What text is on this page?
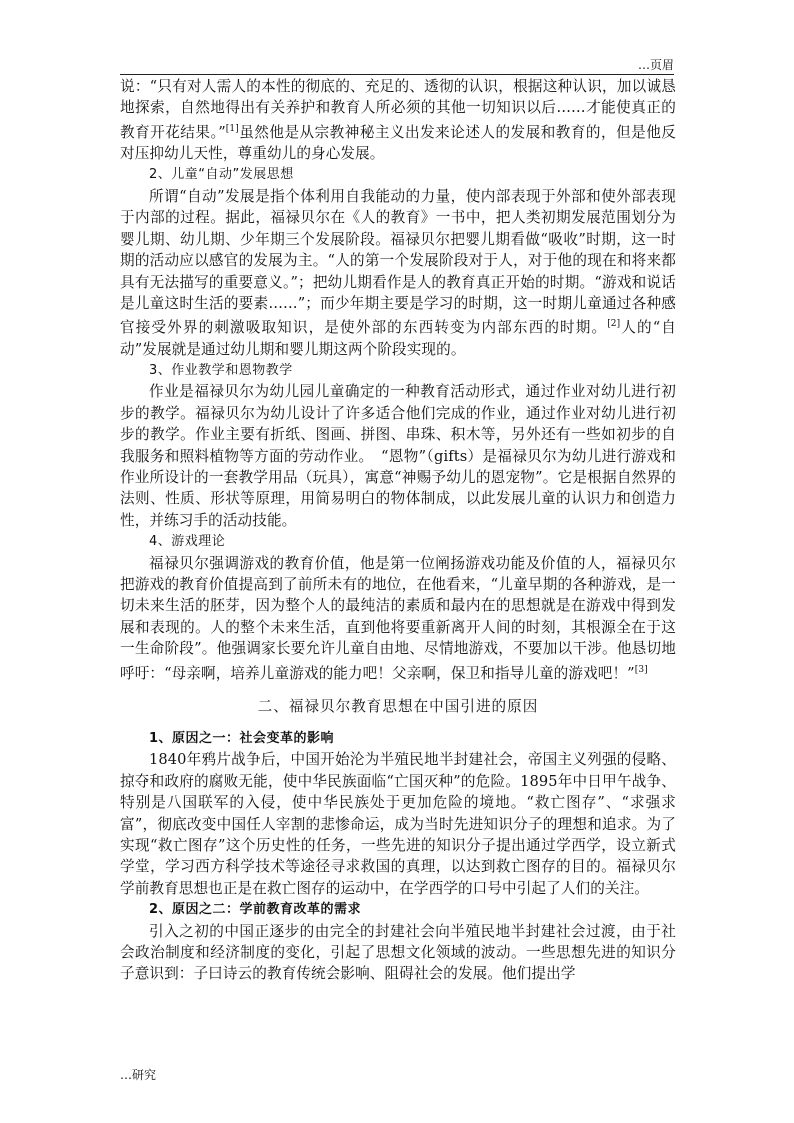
…页眉

说：“只有对人需人的本性的彻底的、充足的、透彻的认识，根据这种认识，加以诚恳地探索，自然地得出有关养护和教育人所必须的其他一切知识以后……才能使真正的教育开花结果。”[1]虽然他是从宗教神秘主义出发来论述人的发展和教育的，但是他反对压抑幼儿天性，尊重幼儿的身心发展。

2、儿童“自动”发展思想

所谓“自动”发展是指个体利用自我能动的力量，使内部表现于外部和使外部表现于内部的过程。据此，福禄贝尔在《人的教育》一书中，把人类初期发展范围划分为婴儿期、幼儿期、少年期三个发展阶段。福禄贝尔把婴儿期看做“吸收”时期，这一时期的活动应以感官的发展为主。“人的第一个发展阶段对于人，对于他的现在和将来都具有无法描写的重要意义。”；把幼儿期看作是人的教育真正开始的时期。“游戏和说话是儿童这时生活的要素……”；而少年期主要是学习的时期，这一时期儿童通过各种感官接受外界的刺激吸取知识，是使外部的东西转变为内部东西的时期。[2]人的“自动”发展就是通过幼儿期和婴儿期这两个阶段实现的。

3、作业教学和恩物教学

作业是福禄贝尔为幼儿园儿童确定的一种教育活动形式，通过作业对幼儿进行初步的教学。福禄贝尔为幼儿设计了许多适合他们完成的作业，通过作业对幼儿进行初步的教学。作业主要有折纸、图画、拼图、串珠、积木等，另外还有一些如初步的自我服务和照料植物等方面的劳动作业。　“恩物”（gifts）是福禄贝尔为幼儿进行游戏和作业所设计的一套教学用品（玩具），寓意“神赐予幼儿的恩宠物”。它是根据自然界的法则、性质、形状等原理，用简易明白的物体制成，以此发展儿童的认识力和创造力性，并练习手的活动技能。

4、游戏理论

福禄贝尔强调游戏的教育价值，他是第一位阐扬游戏功能及价值的人，福禄贝尔把游戏的教育价值提高到了前所未有的地位，在他看来，“儿童早期的各种游戏，是一切未来生活的胚芽，因为整个人的最纯洁的素质和最内在的思想就是在游戏中得到发展和表现的。人的整个未来生活，直到他将要重新离开人间的时刻，其根源全在于这一生命阶段”。他强调家长要允许儿童自由地、尽情地游戏，不要加以干涉。他恳切地呼吁：“母亲啊，培养儿童游戏的能力吧！父亲啊，保卫和指导儿童的游戏吧！”[3]

二、福禄贝尔教育思想在中国引进的原因

1、原因之一：社会变革的影响

1840年鸦片战争后，中国开始沦为半殖民地半封建社会，帝国主义列强的侵略、掠夺和政府的腐败无能，使中华民族面临“亡国灭种”的危险。1895年中日甲午战争、特别是八国联军的入侵，使中华民族处于更加危险的境地。“救亡图存”、“求强求富”，彻底改变中国任人宰割的悲惨命运，成为当时先进知识分子的理想和追求。为了实现“救亡图存”这个历史性的任务，一些先进的知识分子提出通过学西学，设立新式学堂，学习西方科学技术等途径寻求救国的真理，以达到救亡图存的目的。福禄贝尔学前教育思想也正是在救亡图存的运动中，在学西学的口号中引起了人们的关注。

2、原因之二：学前教育改革的需求

引入之初的中国正逐步的由完全的封建社会向半殖民地半封建社会过渡，由于社会政治制度和经济制度的变化，引起了思想文化领域的波动。一些思想先进的知识分子意识到：子曰诗云的教育传统会影响、阻碍社会的发展。他们提出学

…研究
